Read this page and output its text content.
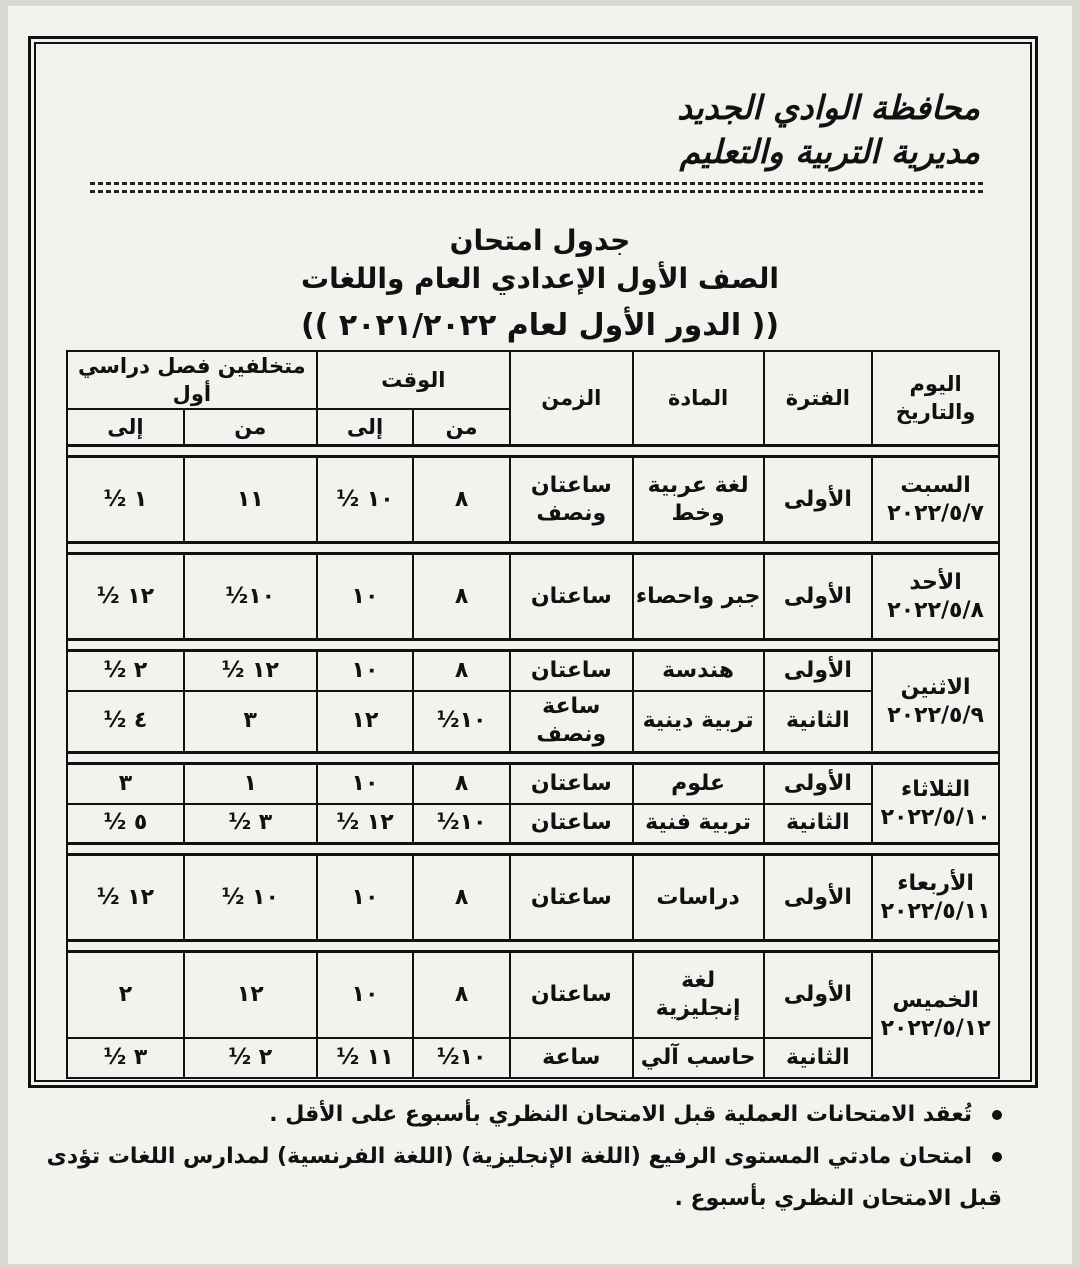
محافظة الوادي الجديد
مديرية التربية والتعليم
جدول امتحان
الصف الأول الإعدادي العام واللغات
(( الدور الأول لعام ٢٠٢١/٢٠٢٢ ))
اليوم والتاريخ	الفترة	المادة	الزمن	الوقت		متخلفين فصل دراسي أول	
				من	إلى	من	إلى

السبت
٢٠٢٢/٥/٧	الأولى	لغة عربية وخط	ساعتان ونصف	٨	١٠ ½	١١	١ ½

الأحد
٢٠٢٢/٥/٨	الأولى	جبر واحصاء	ساعتان	٨	١٠	١٠½	١٢ ½

الاثنين
٢٠٢٢/٥/٩	الأولى	هندسة	ساعتان	٨	١٠	١٢ ½	٢ ½
	الثانية	تربية دينية	ساعة ونصف	١٠½	١٢	٣	٤ ½

الثلاثاء
٢٠٢٢/٥/١٠	الأولى	علوم	ساعتان	٨	١٠	١	٣
	الثانية	تربية فنية	ساعتان	١٠½	١٢ ½	٣ ½	٥ ½

الأربعاء
٢٠٢٢/٥/١١	الأولى	دراسات	ساعتان	٨	١٠	١٠ ½	١٢ ½

الخميس
٢٠٢٢/٥/١٢	الأولى	لغة إنجليزية	ساعتان	٨	١٠	١٢	٢
	الثانية	حاسب آلي	ساعة	١٠½	١١ ½	٢ ½	٣ ½

تُعقد الامتحانات العملية قبل الامتحان النظري بأسبوع على الأقل .

امتحان مادتي المستوى الرفيع (اللغة الإنجليزية) (اللغة الفرنسية) لمدارس اللغات تؤدى قبل الامتحان النظري بأسبوع .
